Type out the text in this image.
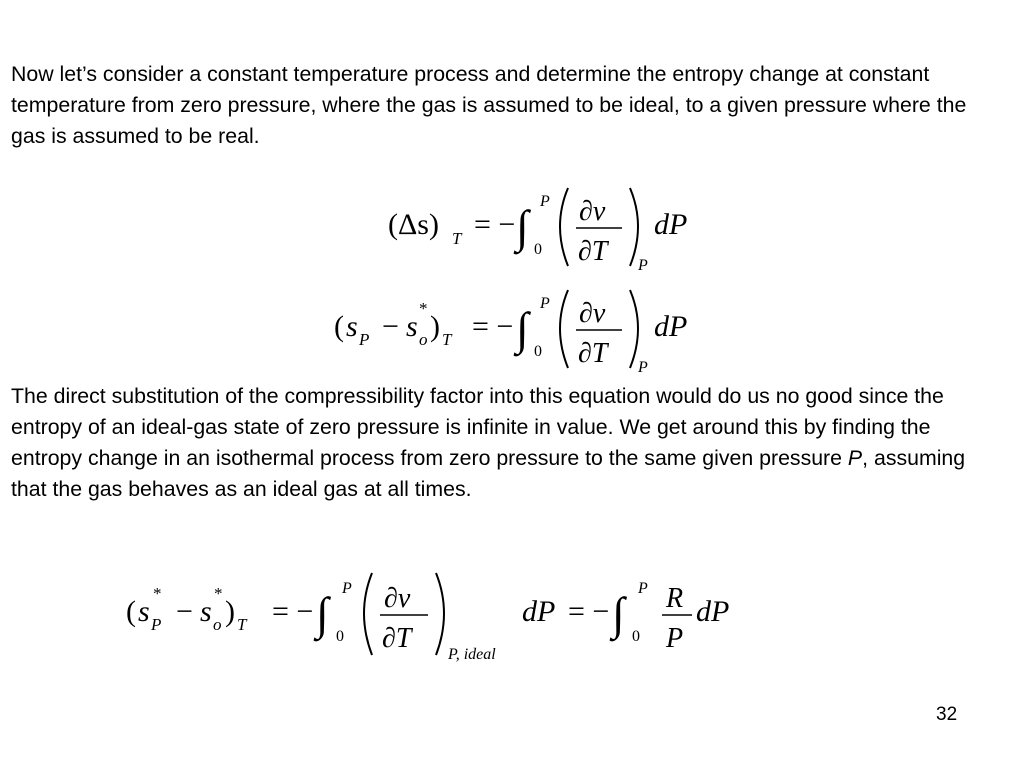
Now let’s consider a constant temperature process and determine the entropy change at constant temperature from zero pressure, where the gas is assumed to be ideal, to a given pressure where the gas is assumed to be real.

(Δs) T = − ∫ P
0
∂v
∂T P
dP
( s P − s
*
o ) T = − ∫ P
0
∂v
∂T P
dP

The direct substitution of the compressibility factor into this equation would do us no good since the entropy of an ideal-gas state of zero pressure is infinite in value. We get around this by finding the entropy change in an isothermal process from zero pressure to the same given pressure P, assuming that the gas behaves as an ideal gas at all times.

( s
*
P − s
*
o ) T = − ∫ P
0
∂v
∂T
P, ideal
dP = − ∫ P
0
R
P
dP
32
